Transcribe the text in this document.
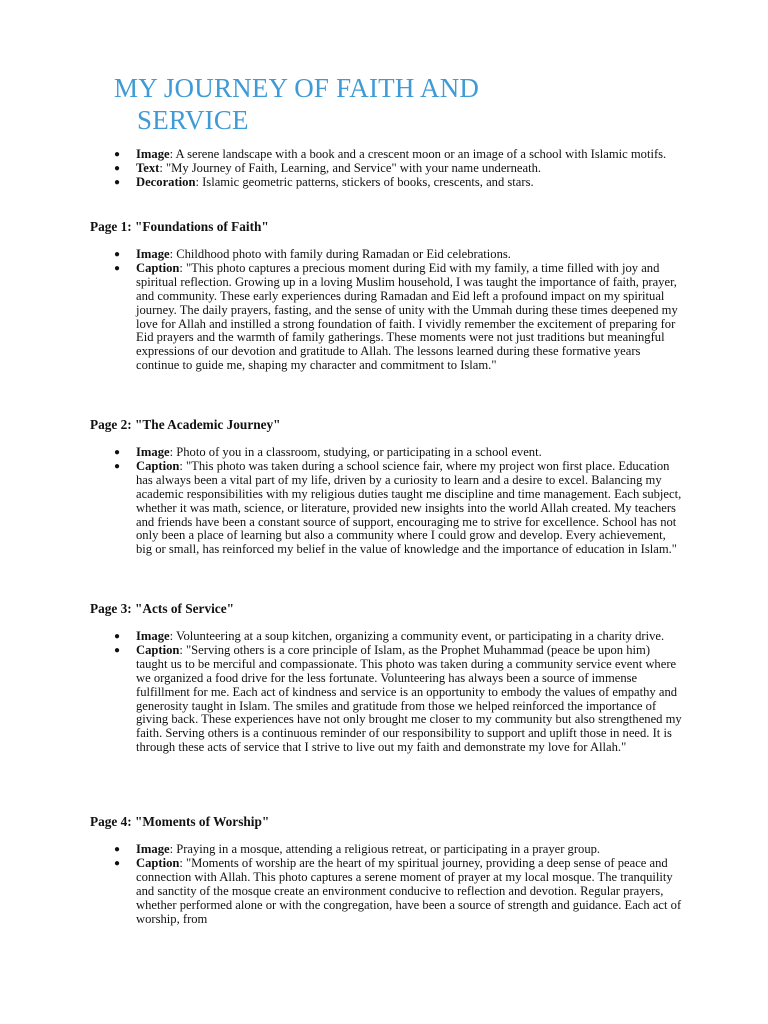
MY JOURNEY OF FAITH AND
SERVICE
● Image: A serene landscape with a book and a crescent moon or an image of a school with Islamic motifs.
● Text: "My Journey of Faith, Learning, and Service" with your name underneath.
● Decoration: Islamic geometric patterns, stickers of books, crescents, and stars.
Page 1: "Foundations of Faith"
● Image: Childhood photo with family during Ramadan or Eid celebrations.
● Caption: "This photo captures a precious moment during Eid with my family, a time filled with joy and spiritual reflection. Growing up in a loving Muslim household, I was taught the importance of faith, prayer, and community. These early experiences during Ramadan and Eid left a profound impact on my spiritual journey. The daily prayers, fasting, and the sense of unity with the Ummah during these times deepened my love for Allah and instilled a strong foundation of faith. I vividly remember the excitement of preparing for Eid prayers and the warmth of family gatherings. These moments were not just traditions but meaningful expressions of our devotion and gratitude to Allah. The lessons learned during these formative years continue to guide me, shaping my character and commitment to Islam."
Page 2: "The Academic Journey"
● Image: Photo of you in a classroom, studying, or participating in a school event.
● Caption: "This photo was taken during a school science fair, where my project won first place. Education has always been a vital part of my life, driven by a curiosity to learn and a desire to excel. Balancing my academic responsibilities with my religious duties taught me discipline and time management. Each subject, whether it was math, science, or literature, provided new insights into the world Allah created. My teachers and friends have been a constant source of support, encouraging me to strive for excellence. School has not only been a place of learning but also a community where I could grow and develop. Every achievement, big or small, has reinforced my belief in the value of knowledge and the importance of education in Islam."
Page 3: "Acts of Service"
● Image: Volunteering at a soup kitchen, organizing a community event, or participating in a charity drive.
● Caption: "Serving others is a core principle of Islam, as the Prophet Muhammad (peace be upon him) taught us to be merciful and compassionate. This photo was taken during a community service event where we organized a food drive for the less fortunate. Volunteering has always been a source of immense fulfillment for me. Each act of kindness and service is an opportunity to embody the values of empathy and generosity taught in Islam. The smiles and gratitude from those we helped reinforced the importance of giving back. These experiences have not only brought me closer to my community but also strengthened my faith. Serving others is a continuous reminder of our responsibility to support and uplift those in need. It is through these acts of service that I strive to live out my faith and demonstrate my love for Allah."
Page 4: "Moments of Worship"
● Image: Praying in a mosque, attending a religious retreat, or participating in a prayer group.
● Caption: "Moments of worship are the heart of my spiritual journey, providing a deep sense of peace and connection with Allah. This photo captures a serene moment of prayer at my local mosque. The tranquility and sanctity of the mosque create an environment conducive to reflection and devotion. Regular prayers, whether performed alone or with the congregation, have been a source of strength and guidance. Each act of worship, from
